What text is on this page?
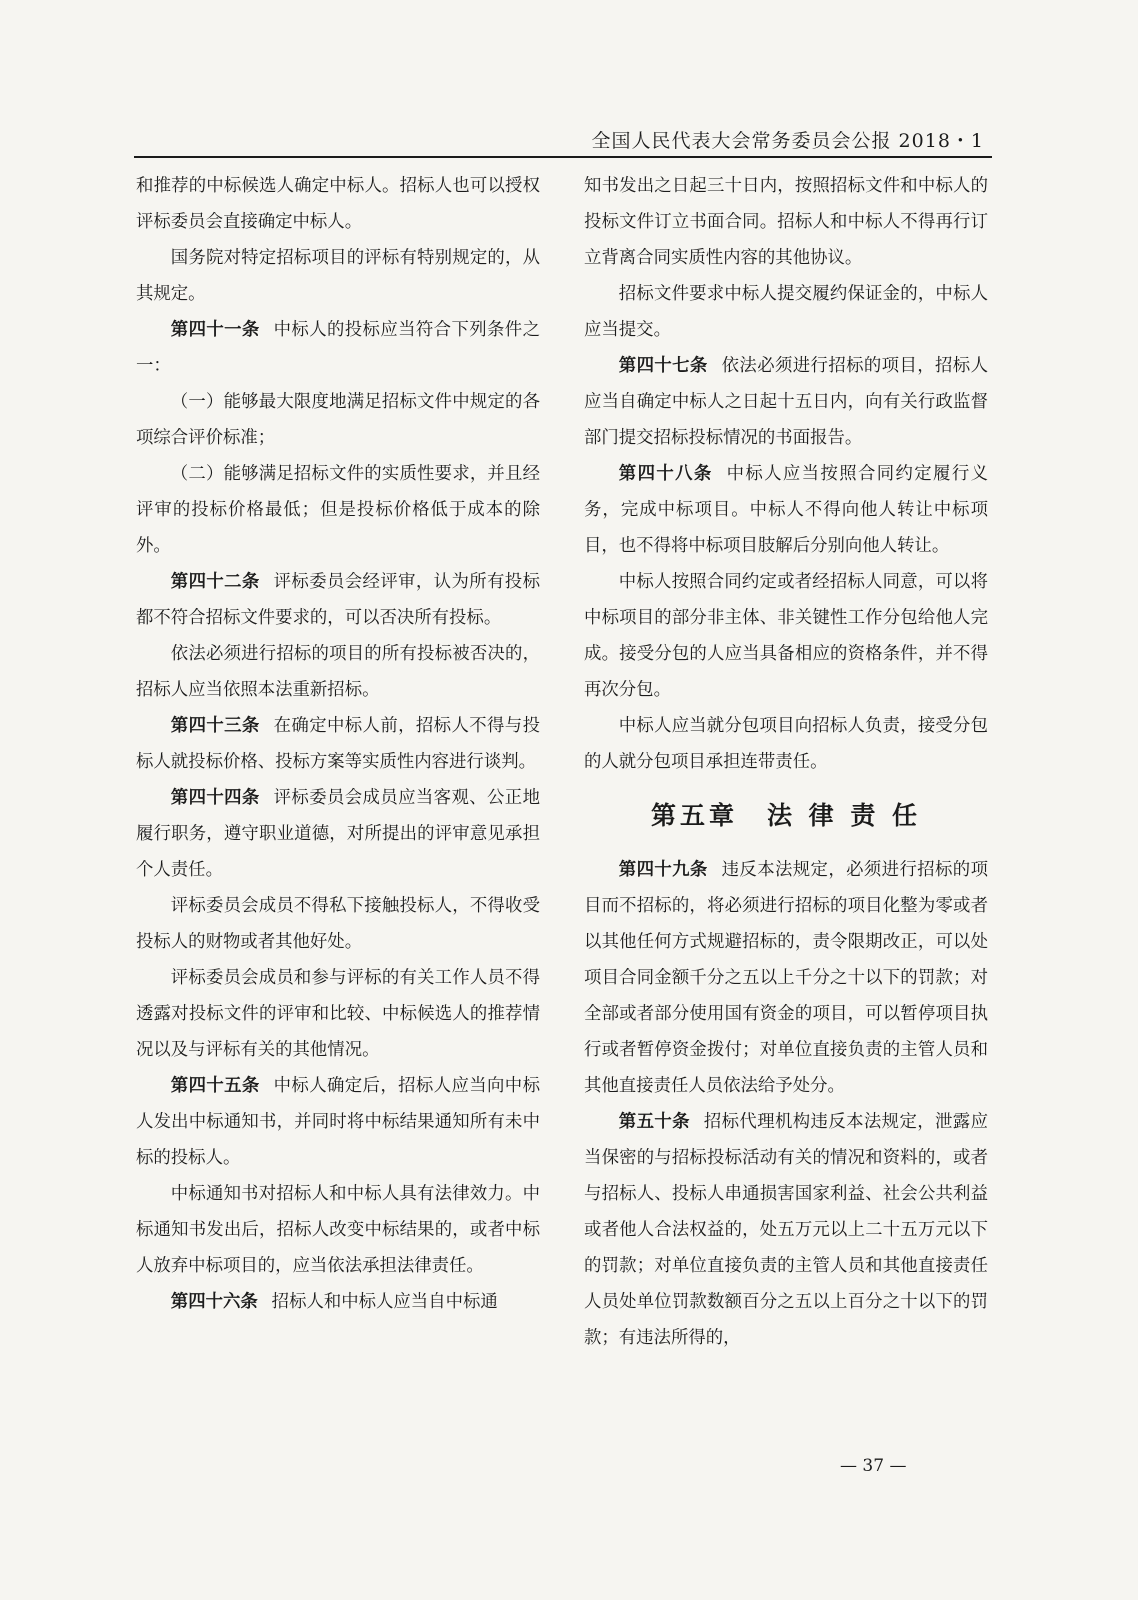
全国人民代表大会常务委员会公报 2018・1

和推荐的中标候选人确定中标人。招标人也可以授权评标委员会直接确定中标人。

国务院对特定招标项目的评标有特别规定的，从其规定。

第四十一条 中标人的投标应当符合下列条件之一：

（一）能够最大限度地满足招标文件中规定的各项综合评价标准；

（二）能够满足招标文件的实质性要求，并且经评审的投标价格最低；但是投标价格低于成本的除外。

第四十二条 评标委员会经评审，认为所有投标都不符合招标文件要求的，可以否决所有投标。

依法必须进行招标的项目的所有投标被否决的，招标人应当依照本法重新招标。

第四十三条 在确定中标人前，招标人不得与投标人就投标价格、投标方案等实质性内容进行谈判。

第四十四条 评标委员会成员应当客观、公正地履行职务，遵守职业道德，对所提出的评审意见承担个人责任。

评标委员会成员不得私下接触投标人，不得收受投标人的财物或者其他好处。

评标委员会成员和参与评标的有关工作人员不得透露对投标文件的评审和比较、中标候选人的推荐情况以及与评标有关的其他情况。

第四十五条 中标人确定后，招标人应当向中标人发出中标通知书，并同时将中标结果通知所有未中标的投标人。

中标通知书对招标人和中标人具有法律效力。中标通知书发出后，招标人改变中标结果的，或者中标人放弃中标项目的，应当依法承担法律责任。

第四十六条 招标人和中标人应当自中标通

知书发出之日起三十日内，按照招标文件和中标人的投标文件订立书面合同。招标人和中标人不得再行订立背离合同实质性内容的其他协议。

招标文件要求中标人提交履约保证金的，中标人应当提交。

第四十七条 依法必须进行招标的项目，招标人应当自确定中标人之日起十五日内，向有关行政监督部门提交招标投标情况的书面报告。

第四十八条 中标人应当按照合同约定履行义务，完成中标项目。中标人不得向他人转让中标项目，也不得将中标项目肢解后分别向他人转让。

中标人按照合同约定或者经招标人同意，可以将中标项目的部分非主体、非关键性工作分包给他人完成。接受分包的人应当具备相应的资格条件，并不得再次分包。

中标人应当就分包项目向招标人负责，接受分包的人就分包项目承担连带责任。

第五章　法 律 责 任

第四十九条 违反本法规定，必须进行招标的项目而不招标的，将必须进行招标的项目化整为零或者以其他任何方式规避招标的，责令限期改正，可以处项目合同金额千分之五以上千分之十以下的罚款；对全部或者部分使用国有资金的项目，可以暂停项目执行或者暂停资金拨付；对单位直接负责的主管人员和其他直接责任人员依法给予处分。

第五十条 招标代理机构违反本法规定，泄露应当保密的与招标投标活动有关的情况和资料的，或者与招标人、投标人串通损害国家利益、社会公共利益或者他人合法权益的，处五万元以上二十五万元以下的罚款；对单位直接负责的主管人员和其他直接责任人员处单位罚款数额百分之五以上百分之十以下的罚款；有违法所得的，

— 37 —
